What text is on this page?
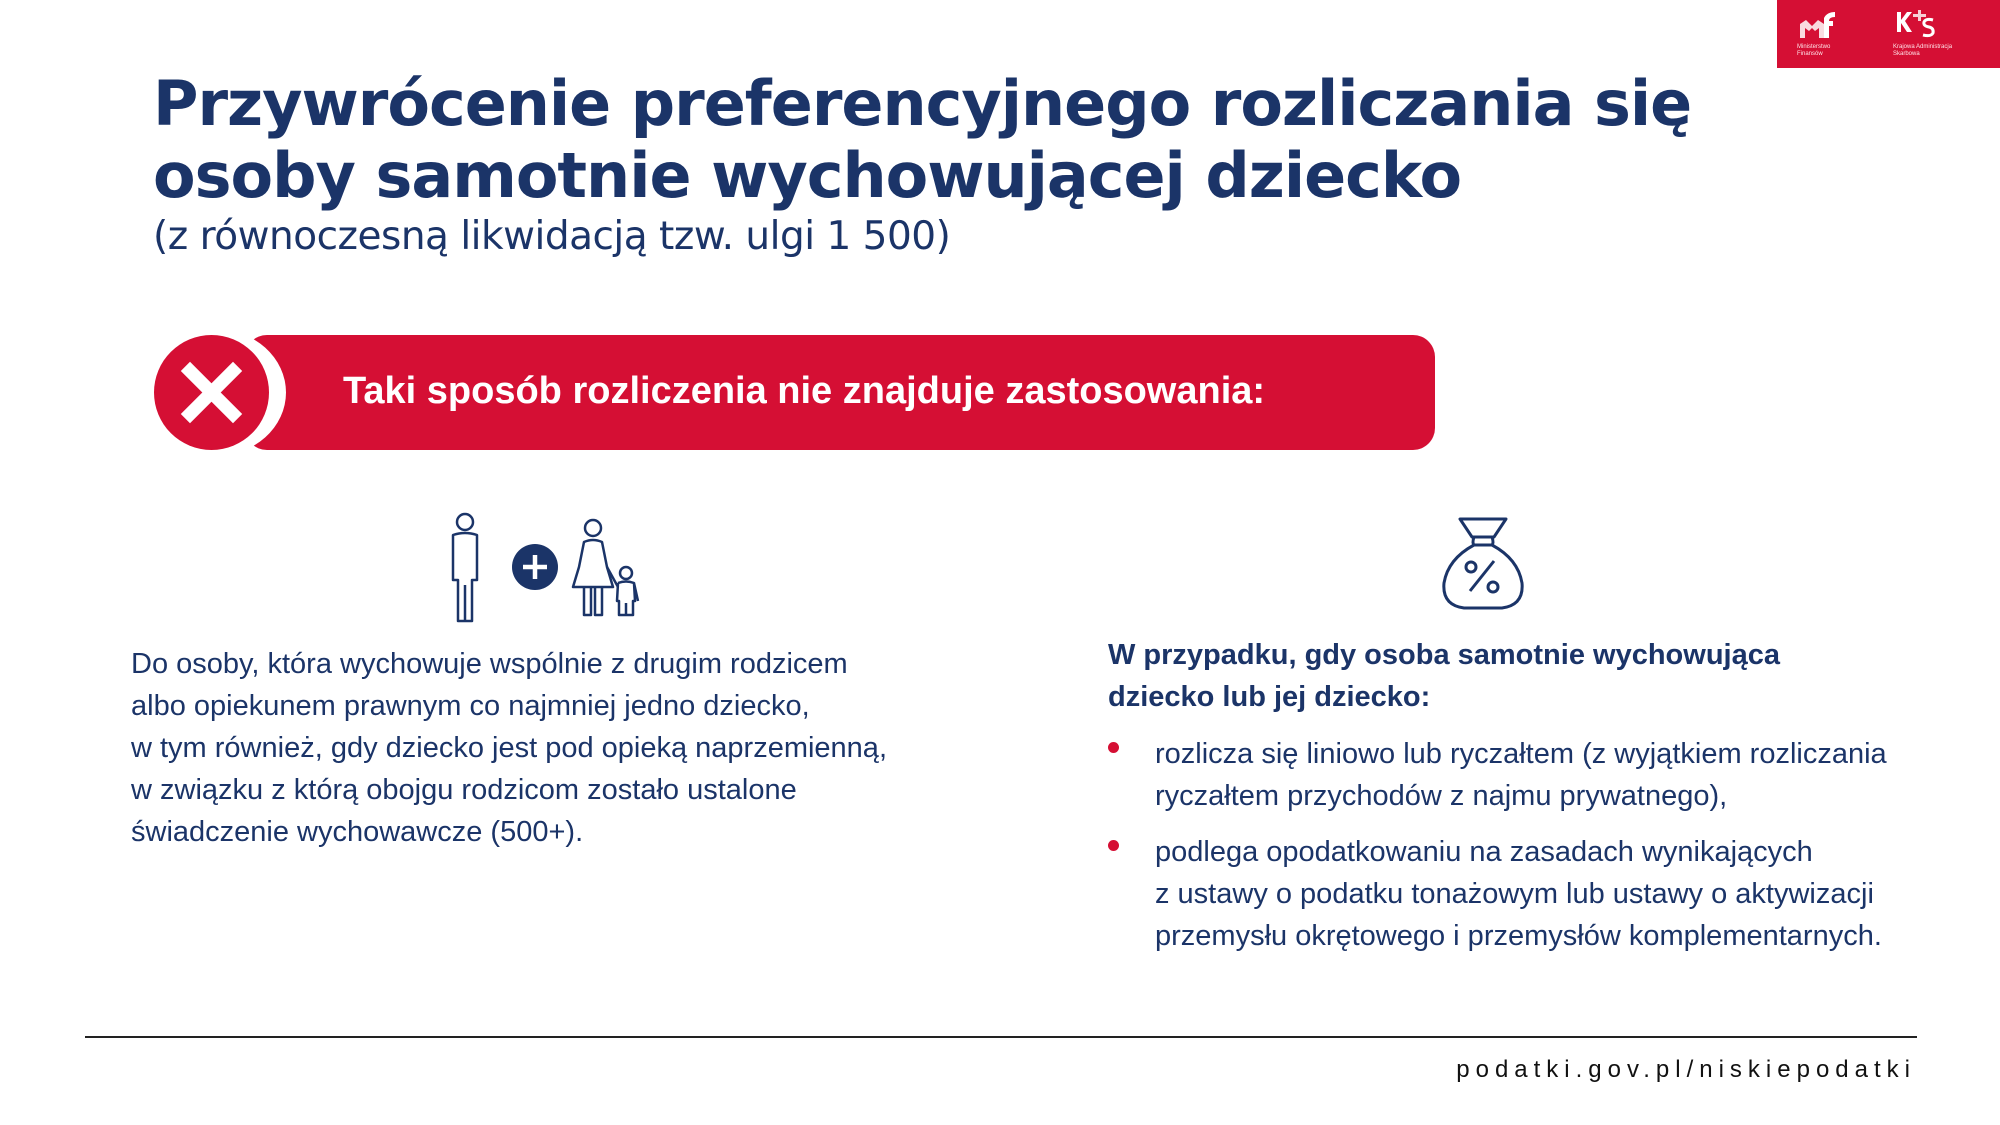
Ministerstwo
Finansów
Krajowa Administracja
Skarbowa
Przywrócenie preferencyjnego rozliczania się osoby samotnie wychowującej dziecko
(z równoczesną likwidacją tzw. ulgi 1 500)
Taki sposób rozliczenia nie znajduje zastosowania:
Do osoby, która wychowuje wspólnie z drugim rodzicem
albo opiekunem prawnym co najmniej jedno dziecko,
w tym również, gdy dziecko jest pod opieką naprzemienną,
w związku z którą obojgu rodzicom zostało ustalone
świadczenie wychowawcze (500+).
W przypadku, gdy osoba samotnie wychowująca
dziecko lub jej dziecko:
rozlicza się liniowo lub ryczałtem (z wyjątkiem rozliczania
ryczałtem przychodów z najmu prywatnego),
podlega opodatkowaniu na zasadach wynikających
z ustawy o podatku tonażowym lub ustawy o aktywizacji
przemysłu okrętowego i przemysłów komplementarnych.
podatki.gov.pl/niskiepodatki
